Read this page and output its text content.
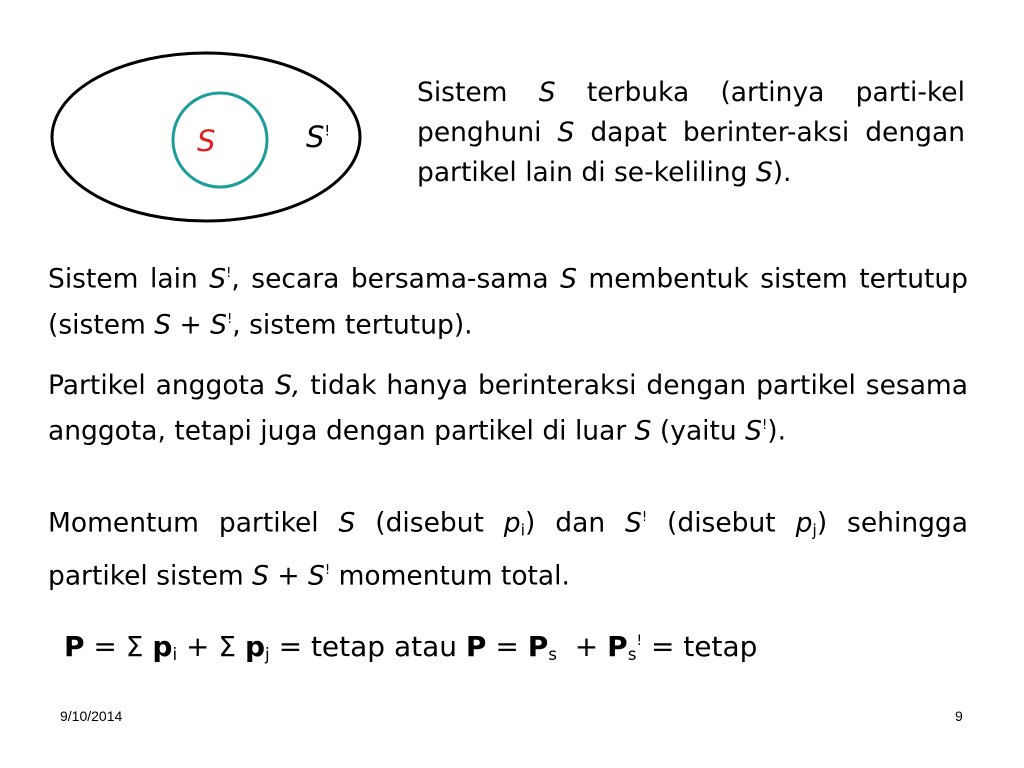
S	S!

Sistem S terbuka (artinya parti-kel penghuni S dapat berinter-aksi dengan partikel lain di se-keliling S).

Sistem lain S!, secara bersama-sama S membentuk sistem tertutup (sistem S + S!, sistem tertutup).

Partikel anggota S, tidak hanya berinteraksi dengan partikel sesama anggota, tetapi juga dengan partikel di luar S (yaitu S!).

Momentum partikel S (disebut $p_i$) dan S! (disebut $p_j$) sehingga partikel sistem S + S! momentum total.

P = Σ $p_i + \Sigma$ $p_j$ = tetap atau $P = P_s + P_s^!$ = tetap
9/10/2014	9
